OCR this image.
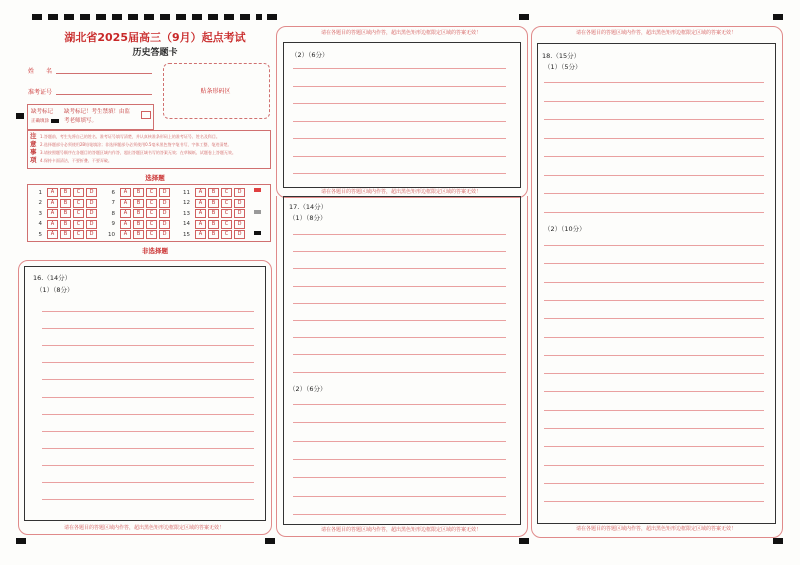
湖北省2025届高三（9月）起点考试
历史答题卡
姓　　名
准考证号	贴条形码区
缺考标记
正确填涂
缺考标记！考生禁填！由监考老师填写。
注意事项
1.答题前，考生先将自己的姓名、准考证号填写清楚，并认真核准条形码上的准考证号、姓名及科目。
2.选择题部分必须使用2B铅笔填涂；非选择题部分必须使用0.5毫米黑色签字笔书写，字体工整、笔迹清楚。
3.请按照题号顺序在各题目的答题区域内作答，超出答题区域书写的答案无效；在草稿纸、试题卷上答题无效。
4.保持卡面清洁，不要折叠、不要弄破。
选择题
1	A	B	C	D
2	A	B	C	D
3	A	B	C	D
4	A	B	C	D
5	A	B	C	D
6	A	B	C	D
7	A	B	C	D
8	A	B	C	D
9	A	B	C	D
10	A	B	C	D
11	A	B	C	D
12	A	B	C	D
13	A	B	C	D
14	A	B	C	D
15	A	B	C	D
非选择题
16.（14分）
（1）（8分）
请在各题目的答题区域内作答，超出黑色矩形边框限定区域的答案无效！
请在各题目的答题区域内作答，超出黑色矩形边框限定区域的答案无效！
（2）（6分）
请在各题目的答题区域内作答，超出黑色矩形边框限定区域的答案无效！
17.（14分）
（1）（8分）
（2）（6分）
请在各题目的答题区域内作答，超出黑色矩形边框限定区域的答案无效！
请在各题目的答题区域内作答，超出黑色矩形边框限定区域的答案无效！
18.（15分）
（1）（5分）
（2）（10分）
请在各题目的答题区域内作答，超出黑色矩形边框限定区域的答案无效！
